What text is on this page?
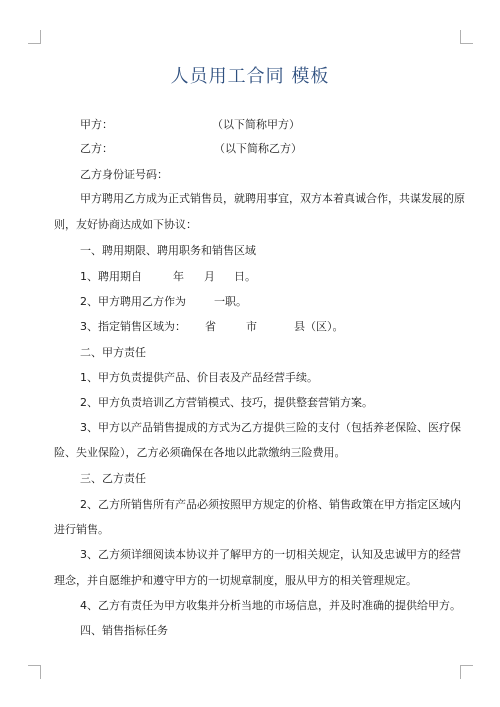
人员用工合同 模板
甲方：	（以下简称甲方）
乙方：	（以下简称乙方）
乙方身份证号码：
甲方聘用乙方成为正式销售员，就聘用事宜，双方本着真诚合作，共谋发展的原
则，友好协商达成如下协议：
一、聘用期限、聘用职务和销售区域
1、聘用期自	年 月 日。
2、甲方聘用乙方作为	一职。
3、指定销售区域为： 省	市	县（区）。
二、甲方责任
1、甲方负责提供产品、价目表及产品经营手续。
2、甲方负责培训乙方营销模式、技巧，提供整套营销方案。
3、甲方以产品销售提成的方式为乙方提供三险的支付（包括养老保险、医疗保
险、失业保险），乙方必须确保在各地以此款缴纳三险费用。
三、乙方责任
2、乙方所销售所有产品必须按照甲方规定的价格、销售政策在甲方指定区域内
进行销售。
3、乙方须详细阅读本协议并了解甲方的一切相关规定，认知及忠诚甲方的经营
理念，并自愿维护和遵守甲方的一切规章制度，服从甲方的相关管理规定。
4、乙方有责任为甲方收集并分析当地的市场信息，并及时准确的提供给甲方。
四、销售指标任务
